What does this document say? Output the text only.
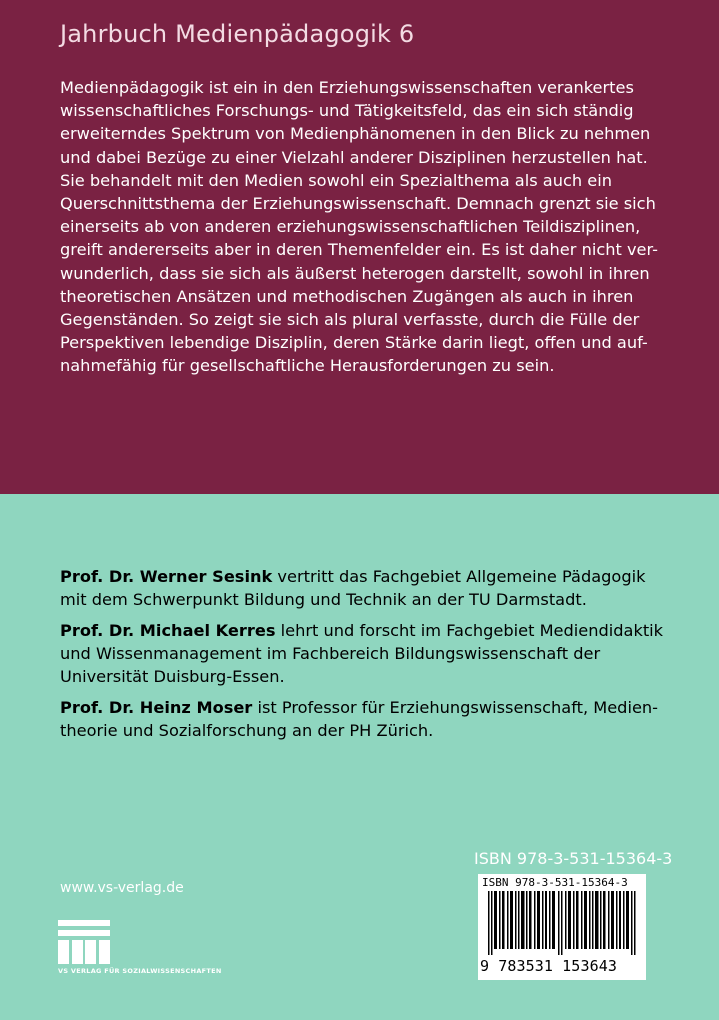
Jahrbuch Medienpädagogik 6

Medienpädagogik ist ein in den Erziehungswissenschaften verankertes
wissenschaftliches Forschungs- und Tätigkeitsfeld, das ein sich ständig
erweiterndes Spektrum von Medienphänomenen in den Blick zu nehmen
und dabei Bezüge zu einer Vielzahl anderer Disziplinen herzustellen hat.
Sie behandelt mit den Medien sowohl ein Spezialthema als auch ein
Querschnittsthema der Erziehungswissenschaft. Demnach grenzt sie sich
einerseits ab von anderen erziehungswissenschaftlichen Teildisziplinen,
greift andererseits aber in deren Themenfelder ein. Es ist daher nicht ver-
wunderlich, dass sie sich als äußerst heterogen darstellt, sowohl in ihren
theoretischen Ansätzen und methodischen Zugängen als auch in ihren
Gegenständen. So zeigt sie sich als plural verfasste, durch die Fülle der
Perspektiven lebendige Disziplin, deren Stärke darin liegt, offen und auf-
nahmefähig für gesellschaftliche Herausforderungen zu sein.

Prof. Dr. Werner Sesink vertritt das Fachgebiet Allgemeine Pädagogik
mit dem Schwerpunkt Bildung und Technik an der TU Darmstadt.

Prof. Dr. Michael Kerres lehrt und forscht im Fachgebiet Mediendidaktik
und Wissenmanagement im Fachbereich Bildungswissenschaft der
Universität Duisburg-Essen.

Prof. Dr. Heinz Moser ist Professor für Erziehungswissenschaft, Medien-
theorie und Sozialforschung an der PH Zürich.

www.vs-verlag.de
VS VERLAG FÜR SOZIALWISSENSCHAFTEN
ISBN 978-3-531-15364-3
ISBN 978-3-531-15364-3
9 783531 153643
